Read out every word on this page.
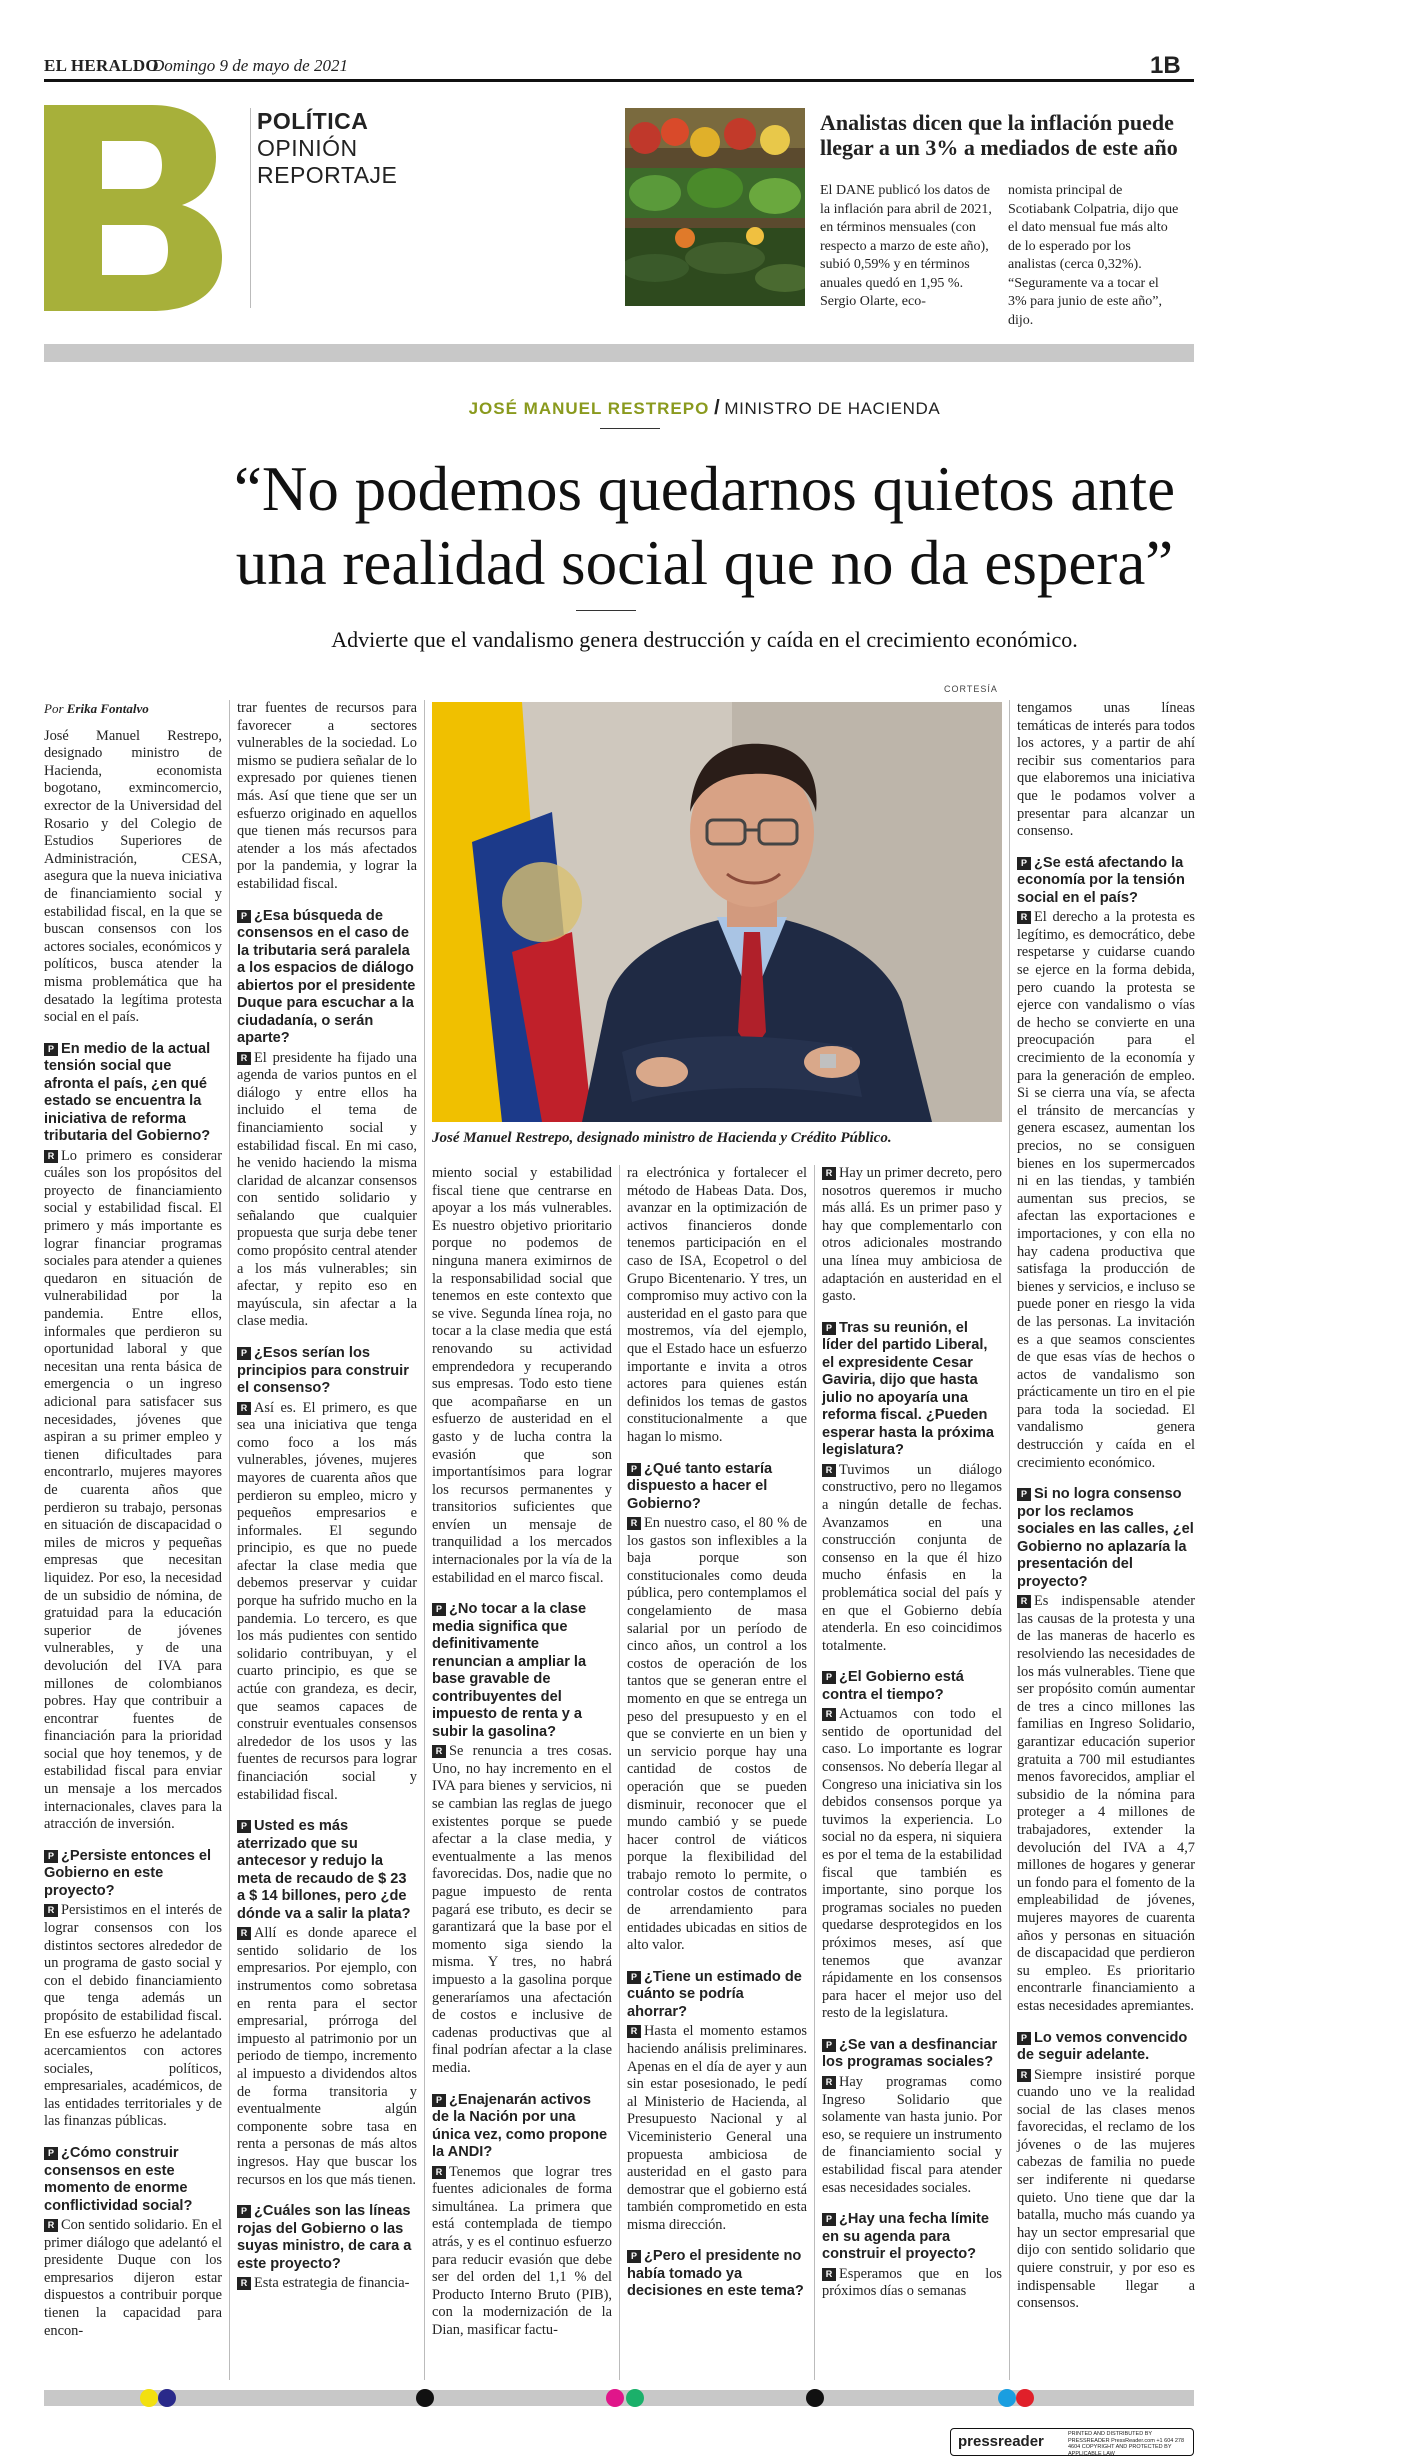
EL HERALDO
Domingo 9 de mayo de 2021	1B
POLÍTICA
OPINIÓN
REPORTAJE
Analistas dicen que la inflación puede llegar a un 3% a mediados de este año
El DANE publicó los datos de la inflación para abril de 2021, en términos mensuales (con respecto a marzo de este año), subió 0,59% y en términos anuales quedó en 1,95 %. Sergio Olarte, eco-
nomista principal de Scotiabank Colpatria, dijo que el dato mensual fue más alto de lo esperado por los analistas (cerca 0,32%). “Seguramente va a tocar el 3% para junio de este año”, dijo.
JOSÉ MANUEL RESTREPO / MINISTRO DE HACIENDA
“No podemos quedarnos quietos ante
una realidad social que no da espera”
Advierte que el vandalismo genera destrucción y caída en el crecimiento económico.
CORTESÍA
José Manuel Restrepo, designado ministro de Hacienda y Crédito Público.

Por Erika Fontalvo

José Manuel Restrepo, designado ministro de Hacienda, economista bogotano, exmincomercio, exrector de la Universidad del Rosario y del Colegio de Estudios Superiores de Administración, CESA, asegura que la nueva iniciativa de financiamiento social y estabilidad fiscal, en la que se buscan consensos con los actores sociales, económicos y políticos, busca atender la misma problemática que ha desatado la legítima protesta social en el país.

P En medio de la actual tensión social que afronta el país, ¿en qué estado se encuentra la iniciativa de reforma tributaria del Gobierno?

R Lo primero es considerar cuáles son los propósitos del proyecto de financiamiento social y estabilidad fiscal. El primero y más importante es lograr financiar programas sociales para atender a quienes quedaron en situación de vulnerabilidad por la pandemia. Entre ellos, informales que perdieron su oportunidad laboral y que necesitan una renta básica de emergencia o un ingreso adicional para satisfacer sus necesidades, jóvenes que aspiran a su primer empleo y tienen dificultades para encontrarlo, mujeres mayores de cuarenta años que perdieron su trabajo, personas en situación de discapacidad o miles de micros y pequeñas empresas que necesitan liquidez. Por eso, la necesidad de un subsidio de nómina, de gratuidad para la educación superior de jóvenes vulnerables, y de una devolución del IVA para millones de colombianos pobres. Hay que contribuir a encontrar fuentes de financiación para la prioridad social que hoy tenemos, y de estabilidad fiscal para enviar un mensaje a los mercados internacionales, claves para la atracción de inversión.

P ¿Persiste entonces el Gobierno en este proyecto?

R Persistimos en el interés de lograr consensos con los distintos sectores alrededor de un programa de gasto social y con el debido financiamiento que tenga además un propósito de estabilidad fiscal. En ese esfuerzo he adelantado acercamientos con actores sociales, políticos, empresariales, académicos, de las entidades territoriales y de las finanzas públicas.

P ¿Cómo construir consensos en este momento de enorme conflictividad social?

R Con sentido solidario. En el primer diálogo que adelantó el presidente Duque con los empresarios dijeron estar dispuestos a contribuir porque tienen la capacidad para encon-

trar fuentes de recursos para favorecer a sectores vulnerables de la sociedad. Lo mismo se pudiera señalar de lo expresado por quienes tienen más. Así que tiene que ser un esfuerzo originado en aquellos que tienen más recursos para atender a los más afectados por la pandemia, y lograr la estabilidad fiscal.

P ¿Esa búsqueda de consensos en el caso de la tributaria será paralela a los espacios de diálogo abiertos por el presidente Duque para escuchar a la ciudadanía, o serán aparte?

R El presidente ha fijado una agenda de varios puntos en el diálogo y entre ellos ha incluido el tema de financiamiento social y estabilidad fiscal. En mi caso, he venido haciendo la misma claridad de alcanzar consensos con sentido solidario y señalando que cualquier propuesta que surja debe tener como propósito central atender a los más vulnerables; sin afectar, y repito eso en mayúscula, sin afectar a la clase media.

P ¿Esos serían los principios para construir el consenso?

R Así es. El primero, es que sea una iniciativa que tenga como foco a los más vulnerables, jóvenes, mujeres mayores de cuarenta años que perdieron su empleo, micro y pequeños empresarios e informales. El segundo principio, es que no puede afectar la clase media que debemos preservar y cuidar porque ha sufrido mucho en la pandemia. Lo tercero, es que los más pudientes con sentido solidario contribuyan, y el cuarto principio, es que se actúe con grandeza, es decir, que seamos capaces de construir eventuales consensos alrededor de los usos y las fuentes de recursos para lograr financiación social y estabilidad fiscal.

P Usted es más aterrizado que su antecesor y redujo la meta de recaudo de $ 23 a $ 14 billones, pero ¿de dónde va a salir la plata?

R Allí es donde aparece el sentido solidario de los empresarios. Por ejemplo, con instrumentos como sobretasa en renta para el sector empresarial, prórroga del impuesto al patrimonio por un periodo de tiempo, incremento al impuesto a dividendos altos de forma transitoria y eventualmente algún componente sobre tasa en renta a personas de más altos ingresos. Hay que buscar los recursos en los que más tienen.

P ¿Cuáles son las líneas rojas del Gobierno o las suyas ministro, de cara a este proyecto?

R Esta estrategia de financia-

miento social y estabilidad fiscal tiene que centrarse en apoyar a los más vulnerables. Es nuestro objetivo prioritario porque no podemos de ninguna manera eximirnos de la responsabilidad social que tenemos en este contexto que se vive. Segunda línea roja, no tocar a la clase media que está renovando su actividad emprendedora y recuperando sus empresas. Todo esto tiene que acompañarse en un esfuerzo de austeridad en el gasto y de lucha contra la evasión que son importantísimos para lograr los recursos permanentes y transitorios suficientes que envíen un mensaje de tranquilidad a los mercados internacionales por la vía de la estabilidad en el marco fiscal.

P ¿No tocar a la clase media significa que definitivamente renuncian a ampliar la base gravable de contribuyentes del impuesto de renta y a subir la gasolina?

R Se renuncia a tres cosas. Uno, no hay incremento en el IVA para bienes y servicios, ni se cambian las reglas de juego existentes porque se puede afectar a la clase media, y eventualmente a las menos favorecidas. Dos, nadie que no pague impuesto de renta pagará ese tributo, es decir se garantizará que la base por el momento siga siendo la misma. Y tres, no habrá impuesto a la gasolina porque generaríamos una afectación de costos e inclusive de cadenas productivas que al final podrían afectar a la clase media.

P ¿Enajenarán activos de la Nación por una única vez, como propone la ANDI?

R Tenemos que lograr tres fuentes adicionales de forma simultánea. La primera que está contemplada de tiempo atrás, y es el continuo esfuerzo para reducir evasión que debe ser del orden del 1,1 % del Producto Interno Bruto (PIB), con la modernización de la Dian, masificar factu-

ra electrónica y fortalecer el método de Habeas Data. Dos, avanzar en la optimización de activos financieros donde tenemos participación en el caso de ISA, Ecopetrol o del Grupo Bicentenario. Y tres, un compromiso muy activo con la austeridad en el gasto para que mostremos, vía del ejemplo, que el Estado hace un esfuerzo importante e invita a otros actores para quienes están definidos los temas de gastos constitucionalmente a que hagan lo mismo.

P ¿Qué tanto estaría dispuesto a hacer el Gobierno?

R En nuestro caso, el 80 % de los gastos son inflexibles a la baja porque son constitucionales como deuda pública, pero contemplamos el congelamiento de masa salarial por un período de cinco años, un control a los costos de operación de los tantos que se generan entre el momento en que se entrega un peso del presupuesto y en el que se convierte en un bien y un servicio porque hay una cantidad de costos de operación que se pueden disminuir, reconocer que el mundo cambió y se puede hacer control de viáticos porque la flexibilidad del trabajo remoto lo permite, o controlar costos de contratos de arrendamiento para entidades ubicadas en sitios de alto valor.

P ¿Tiene un estimado de cuánto se podría ahorrar?

R Hasta el momento estamos haciendo análisis preliminares. Apenas en el día de ayer y aun sin estar posesionado, le pedí al Ministerio de Hacienda, al Presupuesto Nacional y al Viceministerio General una propuesta ambiciosa de austeridad en el gasto para demostrar que el gobierno está también comprometido en esta misma dirección.

P ¿Pero el presidente no había tomado ya decisiones en este tema?

R Hay un primer decreto, pero nosotros queremos ir mucho más allá. Es un primer paso y hay que complementarlo con otros adicionales mostrando una línea muy ambiciosa de adaptación en austeridad en el gasto.

P Tras su reunión, el líder del partido Liberal, el expresidente Cesar Gaviria, dijo que hasta julio no apoyaría una reforma fiscal. ¿Pueden esperar hasta la próxima legislatura?

R Tuvimos un diálogo constructivo, pero no llegamos a ningún detalle de fechas. Avanzamos en una construcción conjunta de consenso en la que él hizo mucho énfasis en la problemática social del país y en que el Gobierno debía atenderla. En eso coincidimos totalmente.

P ¿El Gobierno está contra el tiempo?

R Actuamos con todo el sentido de oportunidad del caso. Lo importante es lograr consensos. No debería llegar al Congreso una iniciativa sin los debidos consensos porque ya tuvimos la experiencia. Lo social no da espera, ni siquiera es por el tema de la estabilidad fiscal que también es importante, sino porque los programas sociales no pueden quedarse desprotegidos en los próximos meses, así que tenemos que avanzar rápidamente en los consensos para hacer el mejor uso del resto de la legislatura.

P ¿Se van a desfinanciar los programas sociales?

R Hay programas como Ingreso Solidario que solamente van hasta junio. Por eso, se requiere un instrumento de financiamiento social y estabilidad fiscal para atender esas necesidades sociales.

P ¿Hay una fecha límite en su agenda para construir el proyecto?

R Esperamos que en los próximos días o semanas

tengamos unas líneas temáticas de interés para todos los actores, y a partir de ahí recibir sus comentarios para que elaboremos una iniciativa que le podamos volver a presentar para alcanzar un consenso.

P ¿Se está afectando la economía por la tensión social en el país?

R El derecho a la protesta es legítimo, es democrático, debe respetarse y cuidarse cuando se ejerce en la forma debida, pero cuando la protesta se ejerce con vandalismo o vías de hecho se convierte en una preocupación para el crecimiento de la economía y para la generación de empleo. Si se cierra una vía, se afecta el tránsito de mercancías y genera escasez, aumentan los precios, no se consiguen bienes en los supermercados ni en las tiendas, y también aumentan sus precios, se afectan las exportaciones e importaciones, y con ella no hay cadena productiva que satisfaga la producción de bienes y servicios, e incluso se puede poner en riesgo la vida de las personas. La invitación es a que seamos conscientes de que esas vías de hechos o actos de vandalismo son prácticamente un tiro en el pie para toda la sociedad. El vandalismo genera destrucción y caída en el crecimiento económico.

P Si no logra consenso por los reclamos sociales en las calles, ¿el Gobierno no aplazaría la presentación del proyecto?

R Es indispensable atender las causas de la protesta y una de las maneras de hacerlo es resolviendo las necesidades de los más vulnerables. Tiene que ser propósito común aumentar de tres a cinco millones las familias en Ingreso Solidario, garantizar educación superior gratuita a 700 mil estudiantes menos favorecidos, ampliar el subsidio de la nómina para proteger a 4 millones de trabajadores, extender la devolución del IVA a 4,7 millones de hogares y generar un fondo para el fomento de la empleabilidad de jóvenes, mujeres mayores de cuarenta años y personas en situación de discapacidad que perdieron su empleo. Es prioritario encontrarle financiamiento a estas necesidades apremiantes.

P Lo vemos convencido de seguir adelante.

R Siempre insistiré porque cuando uno ve la realidad social de las clases menos favorecidas, el reclamo de los jóvenes o de las mujeres cabezas de familia no puede ser indiferente ni quedarse quieto. Uno tiene que dar la batalla, mucho más cuando ya hay un sector empresarial que dijo con sentido solidario que quiere construir, y por eso es indispensable llegar a consensos.

pressreader	PRINTED AND DISTRIBUTED BY PRESSREADER PressReader.com +1 604 278 4604 COPYRIGHT AND PROTECTED BY APPLICABLE LAW
